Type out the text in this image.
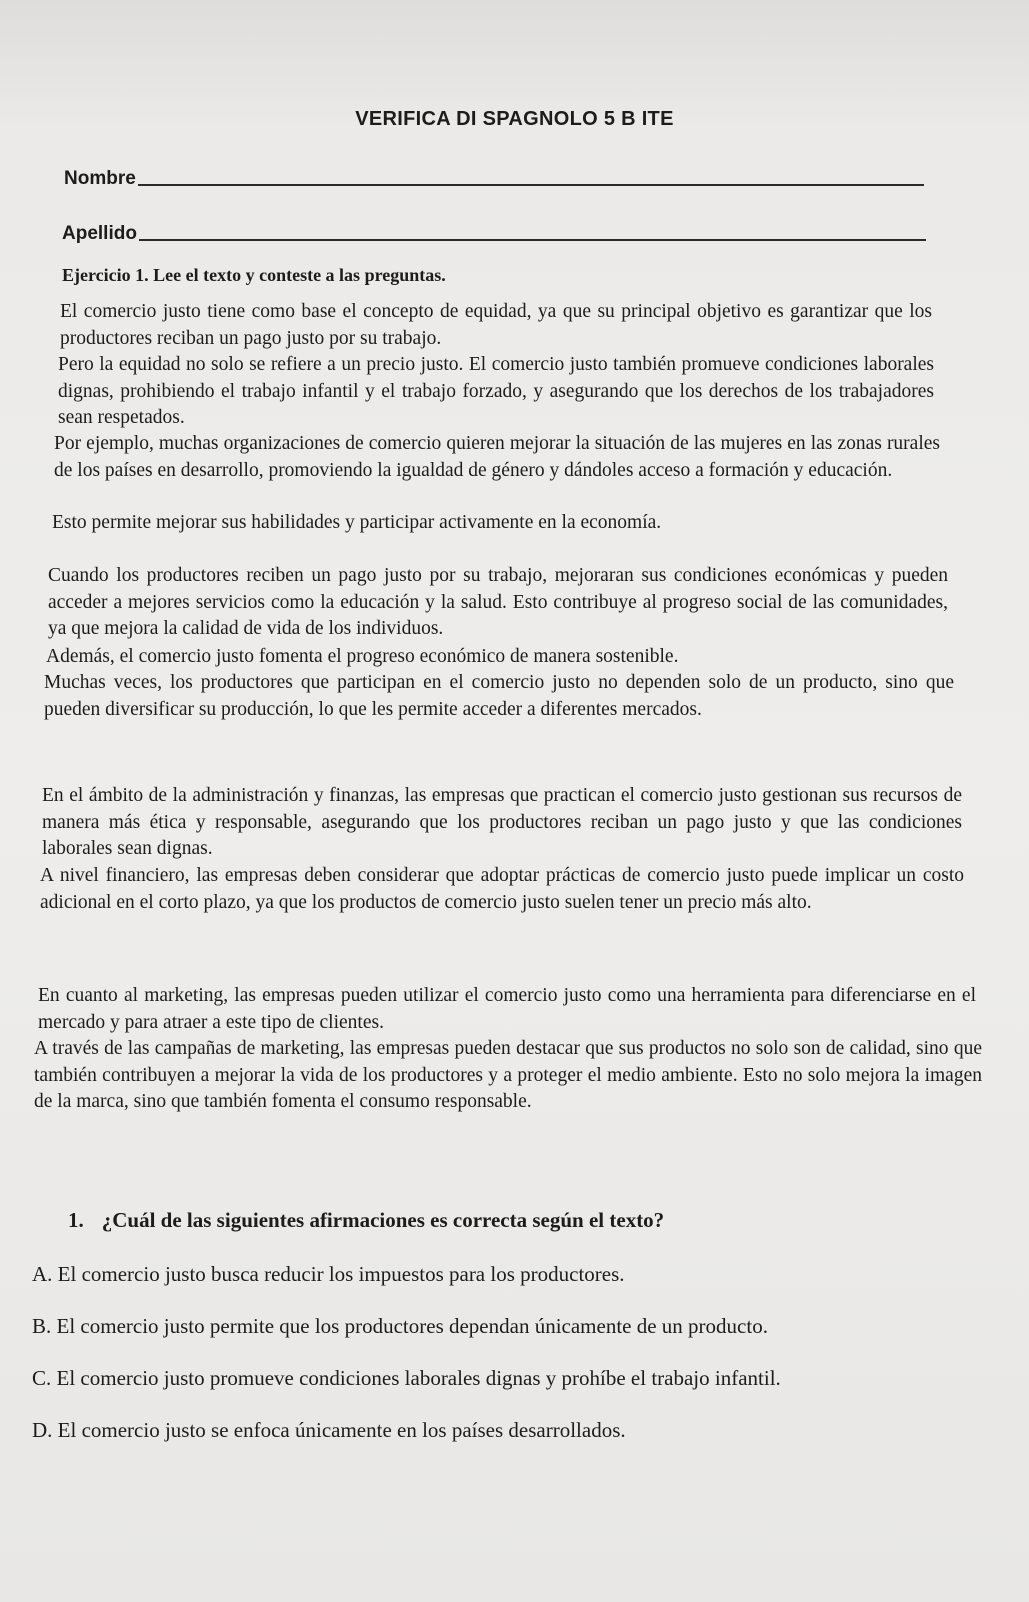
VERIFICA DI SPAGNOLO 5 B ITE
Nombre
Apellido
Ejercicio 1. Lee el texto y conteste a las preguntas.
El comercio justo tiene como base el concepto de equidad, ya que su principal objetivo es garantizar que los productores reciban un pago justo por su trabajo.
Pero la equidad no solo se refiere a un precio justo. El comercio justo también promueve condiciones laborales dignas, prohibiendo el trabajo infantil y el trabajo forzado, y asegurando que los derechos de los trabajadores sean respetados.
Por ejemplo, muchas organizaciones de comercio quieren mejorar la situación de las mujeres en las zonas rurales de los países en desarrollo, promoviendo la igualdad de género y dándoles acceso a formación y educación.
Esto permite mejorar sus habilidades y participar activamente en la economía.
Cuando los productores reciben un pago justo por su trabajo, mejoraran sus condiciones económicas y pueden acceder a mejores servicios como la educación y la salud. Esto contribuye al progreso social de las comunidades, ya que mejora la calidad de vida de los individuos.
Además, el comercio justo fomenta el progreso económico de manera sostenible.
Muchas veces, los productores que participan en el comercio justo no dependen solo de un producto, sino que pueden diversificar su producción, lo que les permite acceder a diferentes mercados.
En el ámbito de la administración y finanzas, las empresas que practican el comercio justo gestionan sus recursos de manera más ética y responsable, asegurando que los productores reciban un pago justo y que las condiciones laborales sean dignas.
A nivel financiero, las empresas deben considerar que adoptar prácticas de comercio justo puede implicar un costo adicional en el corto plazo, ya que los productos de comercio justo suelen tener un precio más alto.
En cuanto al marketing, las empresas pueden utilizar el comercio justo como una herramienta para diferenciarse en el mercado y para atraer a este tipo de clientes.
A través de las campañas de marketing, las empresas pueden destacar que sus productos no solo son de calidad, sino que también contribuyen a mejorar la vida de los productores y a proteger el medio ambiente. Esto no solo mejora la imagen de la marca, sino que también fomenta el consumo responsable.
1. ¿Cuál de las siguientes afirmaciones es correcta según el texto?
A. El comercio justo busca reducir los impuestos para los productores.
B. El comercio justo permite que los productores dependan únicamente de un producto.
C. El comercio justo promueve condiciones laborales dignas y prohíbe el trabajo infantil.
D. El comercio justo se enfoca únicamente en los países desarrollados.
